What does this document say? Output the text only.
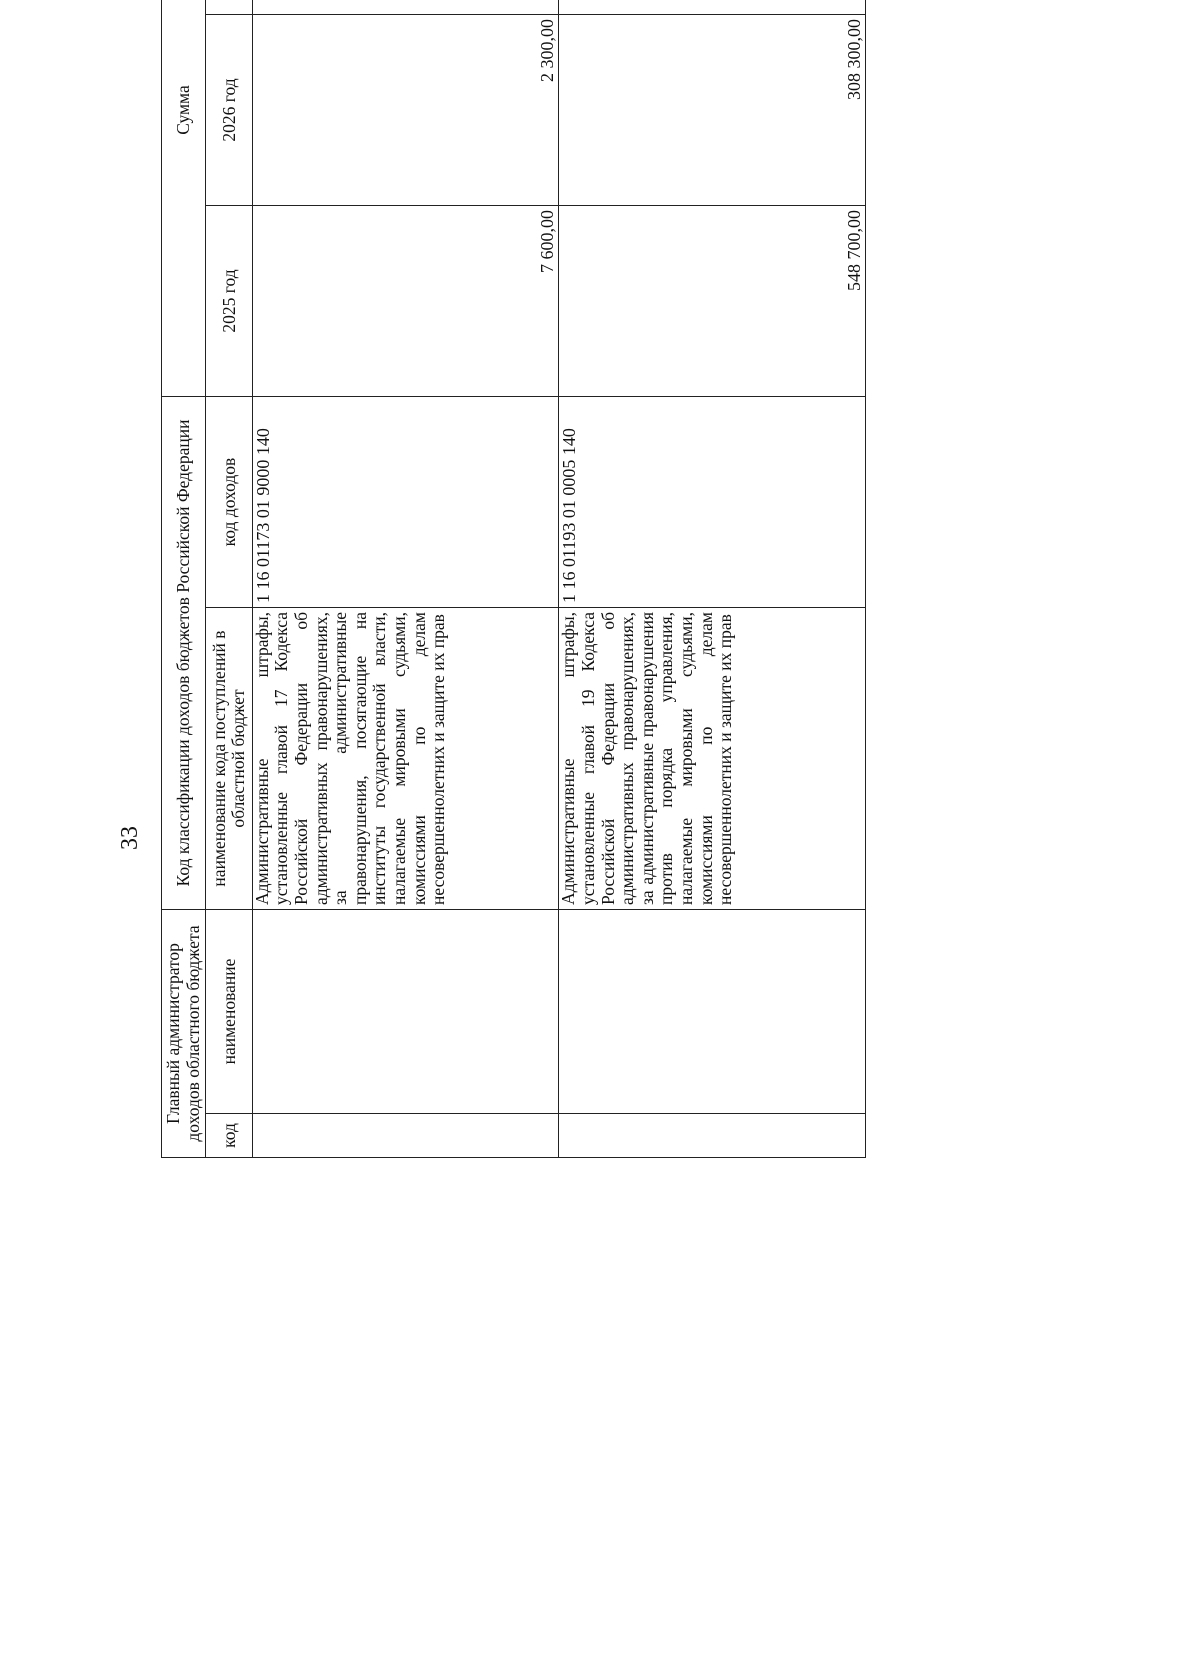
33
Главный администратор доходов областного бюджета		Код классификации доходов бюджетов Российской Федерации		Сумма		
код	наименование	наименование кода поступлений в областной бюджет	код доходов	2025 год	2026 год	
		Административные штрафы, установленные главой 17 Кодекса Российской Федерации об административных правонарушениях, за административные правонарушения, посягающие на институты государственной власти, налагаемые мировыми судьями, комиссиями по делам несовершеннолетних и защите их прав	1 16 01173 01 9000 140	7 600,00	2 300,00	
		Административные штрафы, установленные главой 19 Кодекса Российской Федерации об административных правонарушениях, за административные правонарушения против порядка управления, налагаемые мировыми судьями, комиссиями по делам несовершеннолетних и защите их прав	1 16 01193 01 0005 140	548 700,00	308 300,00	
